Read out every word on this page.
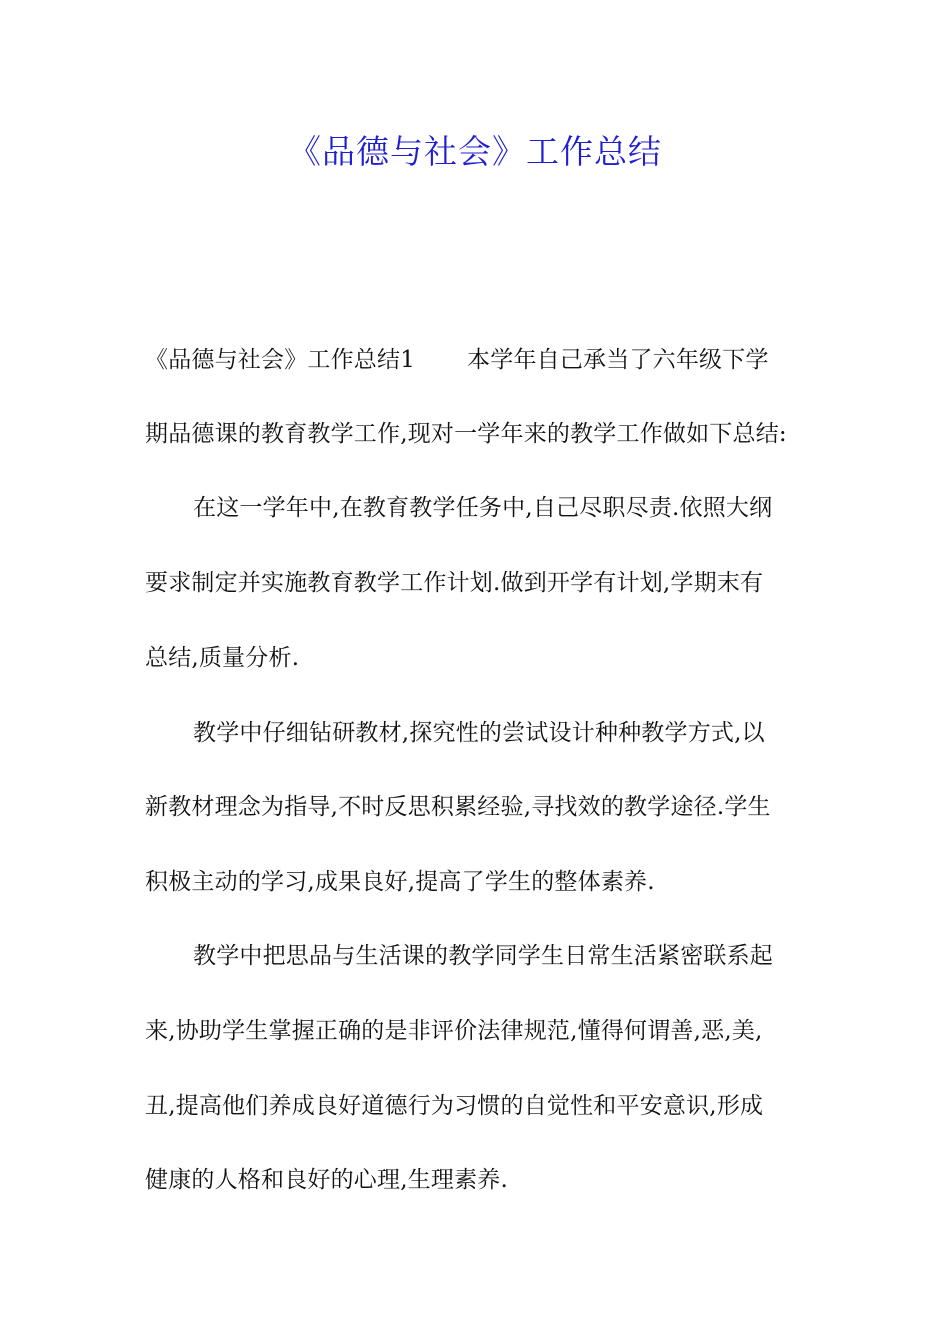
《品德与社会》工作总结
《品德与社会》工作总结1 本学年自己承当了六年级下学
期品德课的教育教学工作,现对一学年来的教学工作做如下总结:
在这一学年中,在教育教学任务中,自己尽职尽责.依照大纲
要求制定并实施教育教学工作计划.做到开学有计划,学期末有
总结,质量分析.
教学中仔细钻研教材,探究性的尝试设计种种教学方式,以
新教材理念为指导,不时反思积累经验,寻找效的教学途径.学生
积极主动的学习,成果良好,提高了学生的整体素养.
教学中把思品与生活课的教学同学生日常生活紧密联系起
来,协助学生掌握正确的是非评价法律规范,懂得何谓善,恶,美,
丑,提高他们养成良好道德行为习惯的自觉性和平安意识,形成
健康的人格和良好的心理,生理素养.
